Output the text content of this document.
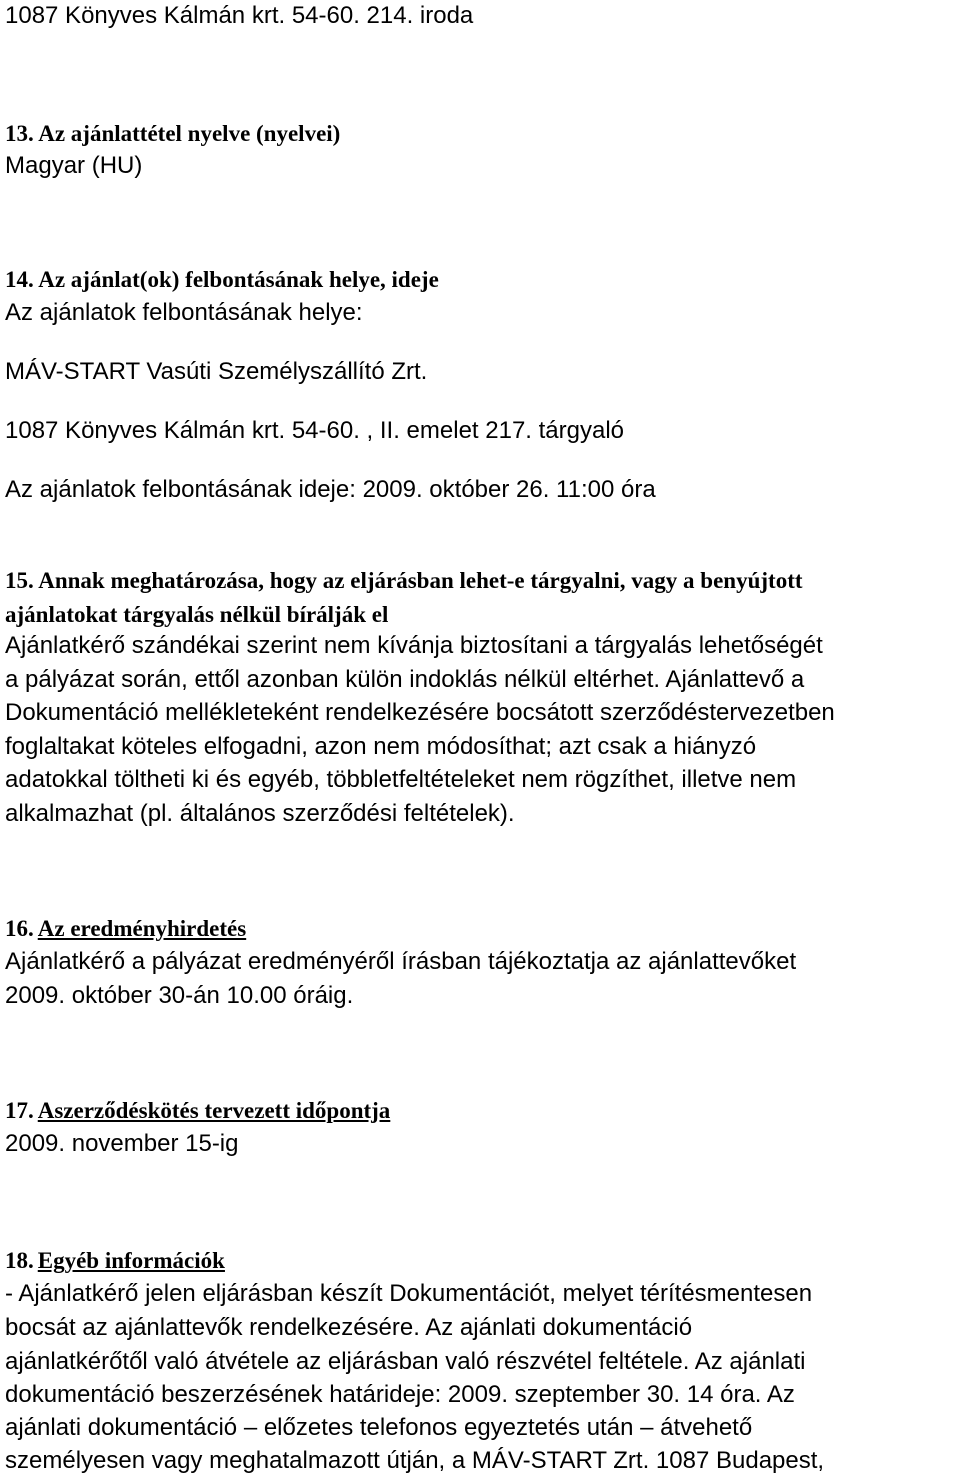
1087 Könyves Kálmán krt. 54-60. 214. iroda
13. Az ajánlattétel nyelve (nyelvei)
Magyar (HU)
14. Az ajánlat(ok) felbontásának helye, ideje
Az ajánlatok felbontásának helye:
MÁV-START Vasúti Személyszállító Zrt.
1087 Könyves Kálmán krt. 54-60. , II. emelet 217. tárgyaló
Az ajánlatok felbontásának ideje: 2009. október 26. 11:00 óra
15. Annak meghatározása, hogy az eljárásban lehet-e tárgyalni, vagy a benyújtott
ajánlatokat tárgyalás nélkül bírálják el
Ajánlatkérő szándékai szerint nem kívánja biztosítani a tárgyalás lehetőségét
a pályázat során, ettől azonban külön indoklás nélkül eltérhet. Ajánlattevő a
Dokumentáció mellékleteként rendelkezésére bocsátott szerződéstervezetben
foglaltakat köteles elfogadni, azon nem módosíthat; azt csak a hiányzó
adatokkal töltheti ki és egyéb, többletfeltételeket nem rögzíthet, illetve nem
alkalmazhat (pl. általános szerződési feltételek).
16. Az eredményhirdetés
Ajánlatkérő a pályázat eredményéről írásban tájékoztatja az ajánlattevőket
2009. október 30-án 10.00 óráig.
17. Aszerződéskötés tervezett időpontja
2009. november 15-ig
18. Egyéb információk
- Ajánlatkérő jelen eljárásban készít Dokumentációt, melyet térítésmentesen
bocsát az ajánlattevők rendelkezésére. Az ajánlati dokumentáció
ajánlatkérőtől való átvétele az eljárásban való részvétel feltétele. Az ajánlati
dokumentáció beszerzésének határideje: 2009. szeptember 30. 14 óra. Az
ajánlati dokumentáció – előzetes telefonos egyeztetés után – átvehető
személyesen vagy meghatalmazott útján, a MÁV-START Zrt. 1087 Budapest,
